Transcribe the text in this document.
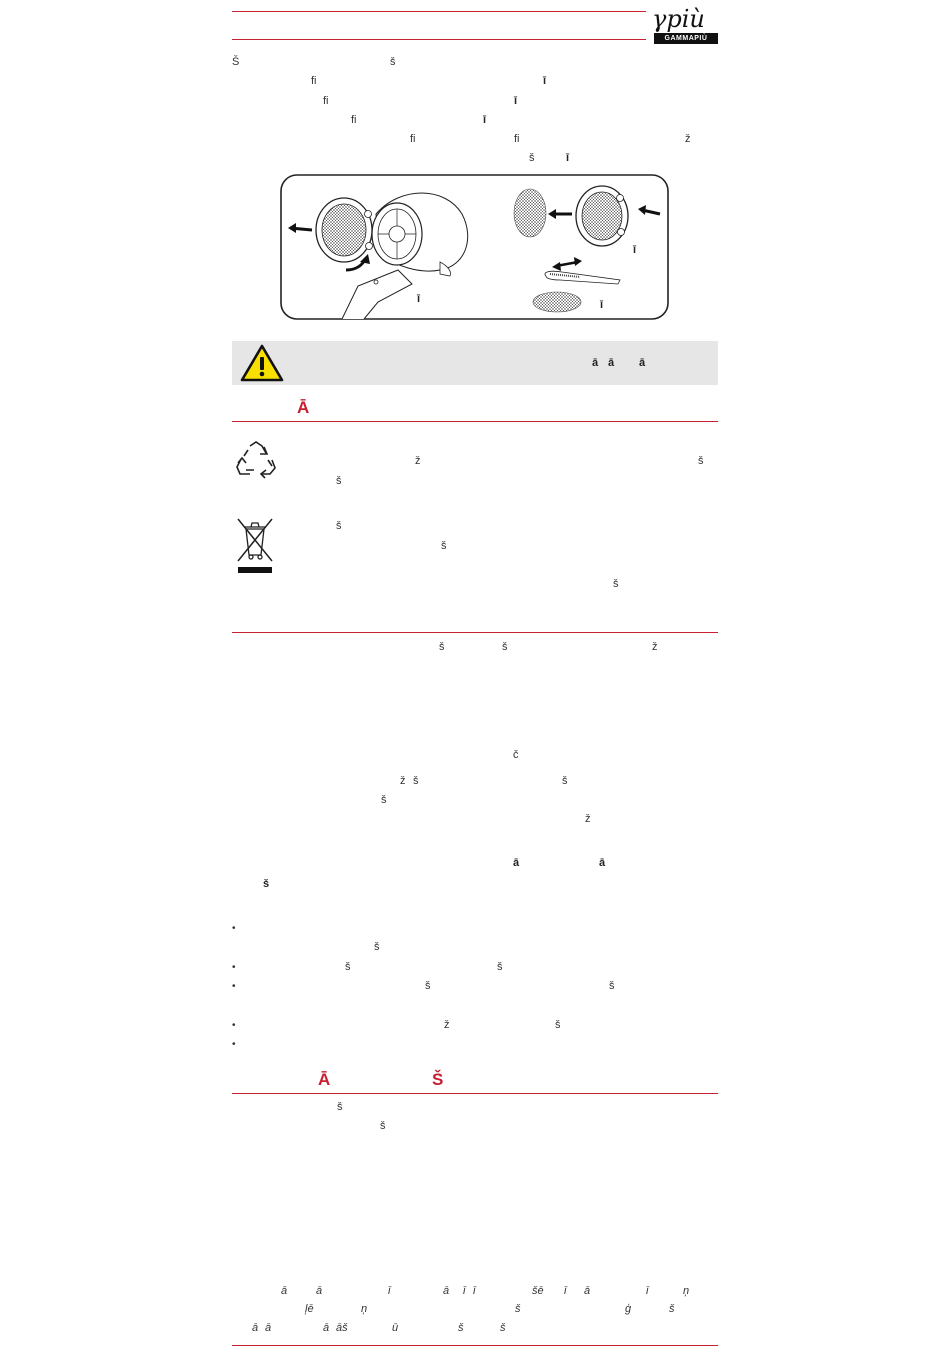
γpiù
GAMMAPIÙ
Š	š
fi	ī
fi	ī
fi	ī
fi	fi	ž
š	ī
ī
ī
ī
ā ā ā
Ā
ž	š
š
š
š
š
š	š	ž
č
ž š	š
š
ž
ā	ā
š
•
•
•
•
•
š
š	š
š	š
ž	š
Ā	Š
š
š
ā	ā	ī	ā ī ī	šē ī ā	ī	ņ
ļē	ņ	š	ģ	š
ā ā	ā āš	ū	š	š
